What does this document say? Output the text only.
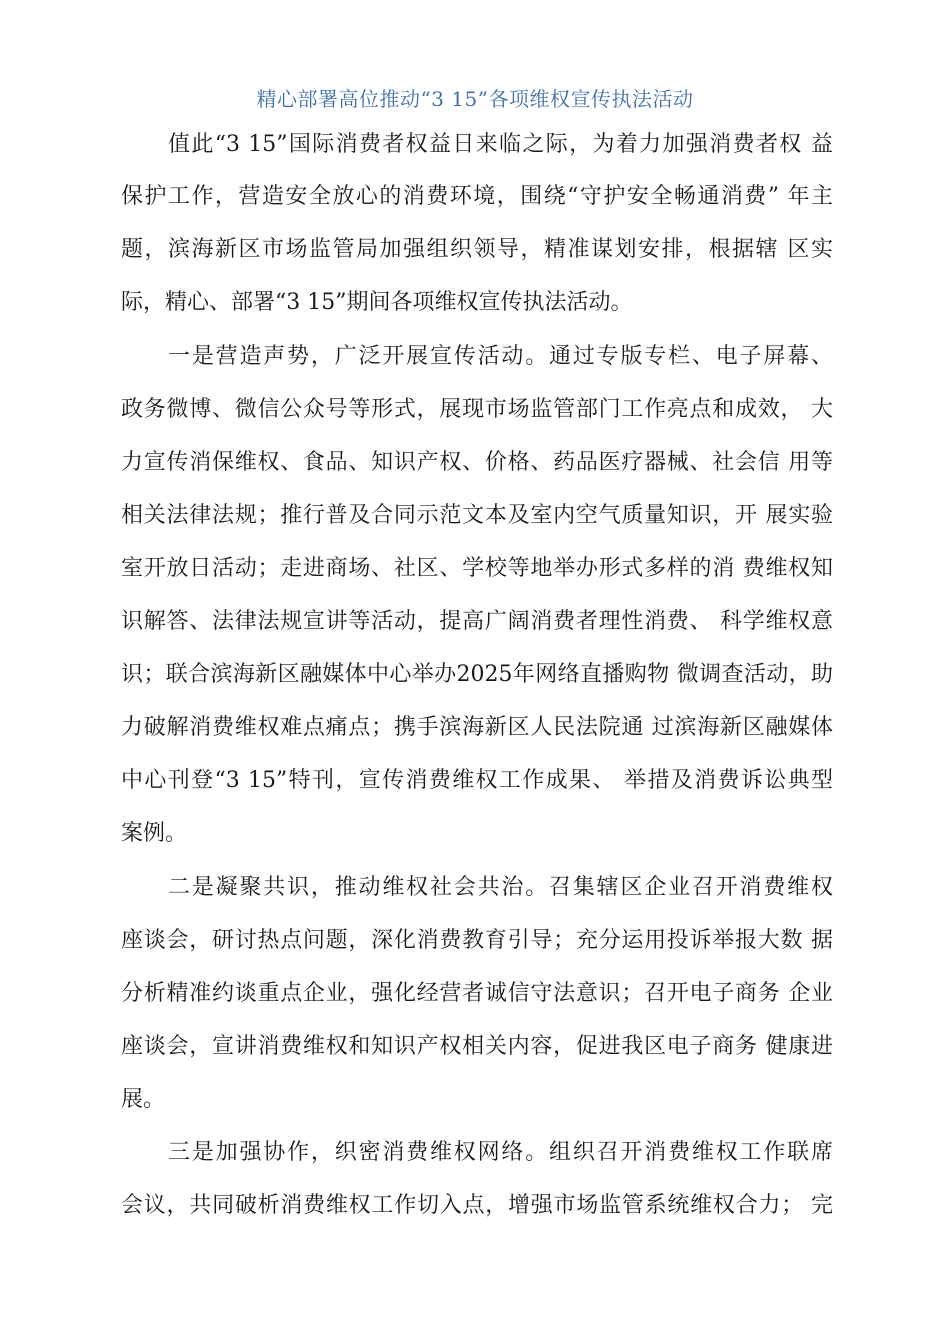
精心部署高位推动“3 15”各项维权宣传执法活动
值此“3 15”国际消费者权益日来临之际，为着力加强消费者权 益
保护工作，营造安全放心的消费环境，围绕“守护安全畅通消费” 年主
题，滨海新区市场监管局加强组织领导，精准谋划安排，根据辖 区实
际，精心、部署“3 15”期间各项维权宣传执法活动。
一是营造声势，广泛开展宣传活动。通过专版专栏、电子屏幕、
政务微博、微信公众号等形式，展现市场监管部门工作亮点和成效， 大
力宣传消保维权、食品、知识产权、价格、药品医疗器械、社会信 用等
相关法律法规；推行普及合同示范文本及室内空气质量知识，开 展实验
室开放日活动；走进商场、社区、学校等地举办形式多样的消 费维权知
识解答、法律法规宣讲等活动，提高广阔消费者理性消费、 科学维权意
识；联合滨海新区融媒体中心举办2025年网络直播购物 微调查活动，助
力破解消费维权难点痛点；携手滨海新区人民法院通 过滨海新区融媒体
中心刊登“3 15”特刊，宣传消费维权工作成果、 举措及消费诉讼典型
案例。
二是凝聚共识，推动维权社会共治。召集辖区企业召开消费维权
座谈会，研讨热点问题，深化消费教育引导；充分运用投诉举报大数 据
分析精准约谈重点企业，强化经营者诚信守法意识；召开电子商务 企业
座谈会，宣讲消费维权和知识产权相关内容，促进我区电子商务 健康进
展。
三是加强协作，织密消费维权网络。组织召开消费维权工作联席
会议，共同破析消费维权工作切入点，增强市场监管系统维权合力； 完
